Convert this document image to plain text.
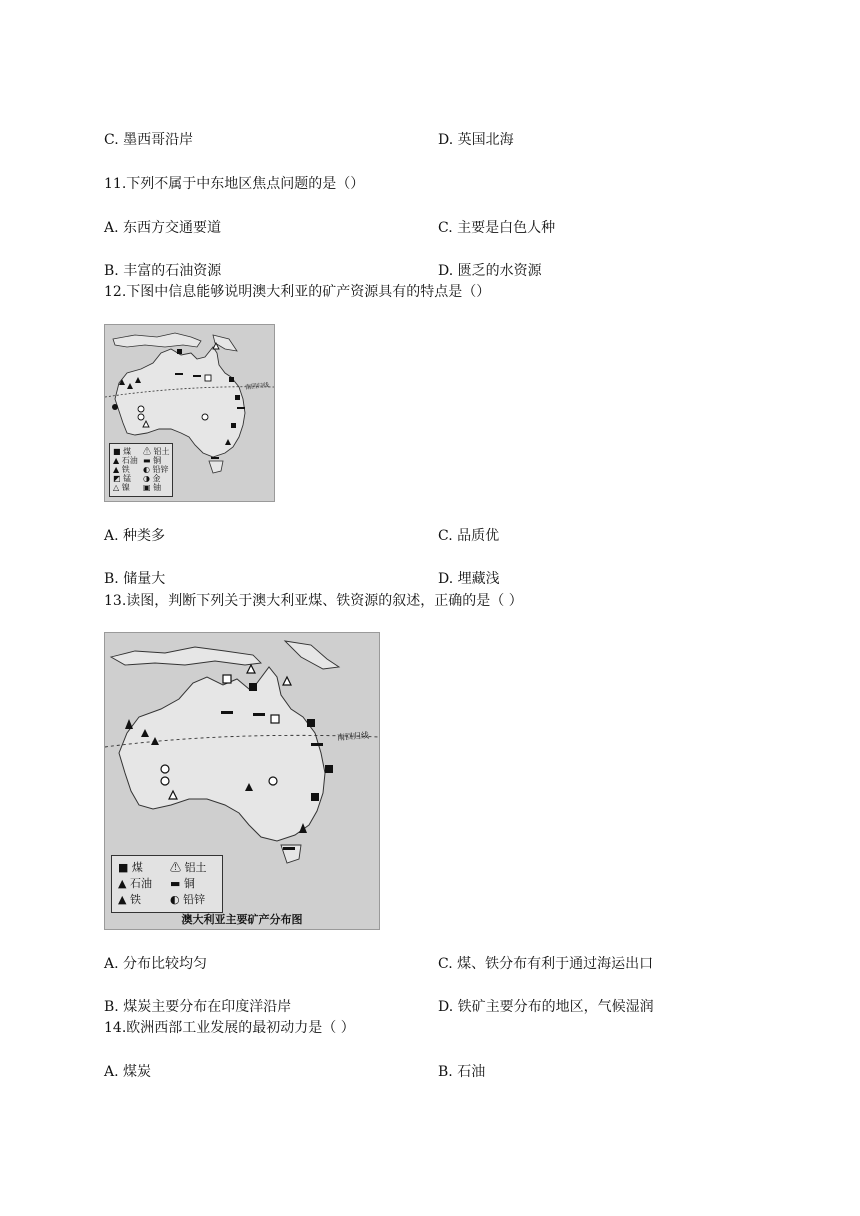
C. 墨西哥沿岸	D. 英国北海
11.下列不属于中东地区焦点问题的是（）
A. 东西方交通要道	C. 主要是白色人种
B. 丰富的石油资源	D. 匮乏的水资源
12.下图中信息能够说明澳大利亚的矿产资源具有的特点是（）
■ 煤 ⚠ 铝土
▲ 石油 ▬ 铜
▲ 铁 ◐ 铅锌
◩ 锰 ◑ 金
△ 镍 ▣ 铀
南回归线
A. 种类多	C. 品质优
B. 储量大	D. 埋藏浅
13.读图，判断下列关于澳大利亚煤、铁资源的叙述，正确的是（ ）
■ 煤 ⚠ 铝土
▲ 石油 ▬ 铜
▲ 铁	◐ 铅锌
南回归线
澳大利亚主要矿产分布图
A. 分布比较均匀	C. 煤、铁分布有利于通过海运出口
B. 煤炭主要分布在印度洋沿岸	D. 铁矿主要分布的地区，气候湿润
14.欧洲西部工业发展的最初动力是（ ）
A. 煤炭	B. 石油
